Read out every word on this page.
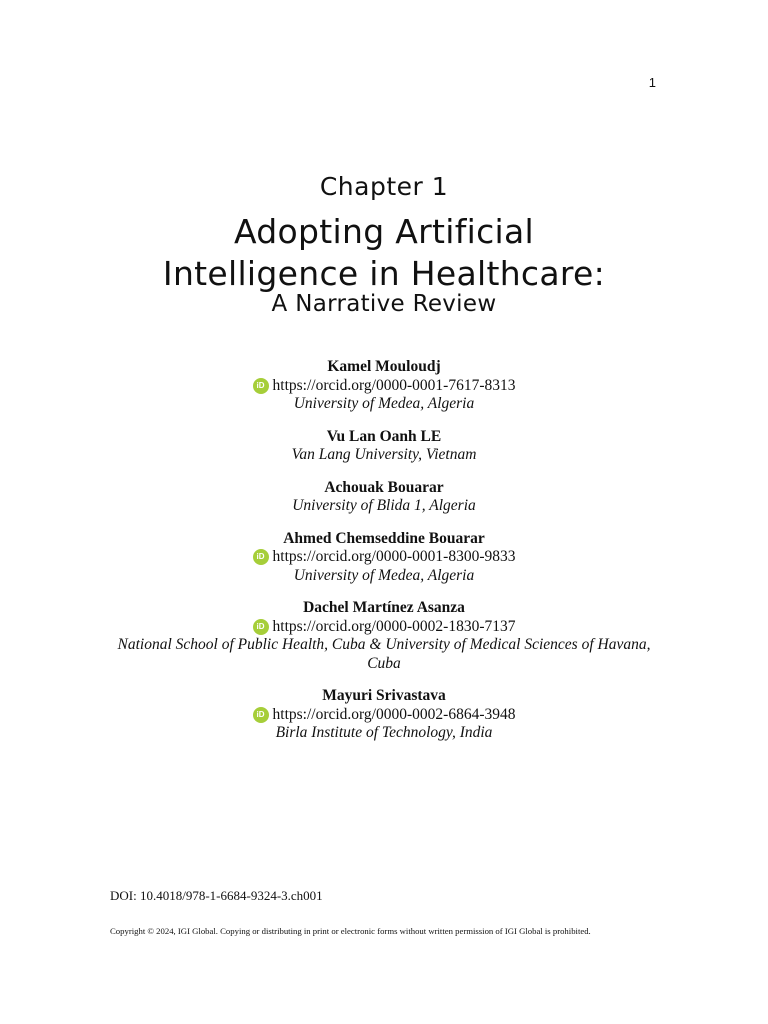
1
Chapter 1
Adopting Artificial
Intelligence in Healthcare:
A Narrative Review
Kamel Mouloudj
iD https://orcid.org/0000-0001-7617-8313
University of Medea, Algeria
Vu Lan Oanh LE
Van Lang University, Vietnam
Achouak Bouarar
University of Blida 1, Algeria
Ahmed Chemseddine Bouarar
iD https://orcid.org/0000-0001-8300-9833
University of Medea, Algeria
Dachel Martínez Asanza
iD https://orcid.org/0000-0002-1830-7137
National School of Public Health, Cuba & University of Medical Sciences of Havana, Cuba
Mayuri Srivastava
iD https://orcid.org/0000-0002-6864-3948
Birla Institute of Technology, India
DOI: 10.4018/978-1-6684-9324-3.ch001
Copyright © 2024, IGI Global. Copying or distributing in print or electronic forms without written permission of IGI Global is prohibited.
